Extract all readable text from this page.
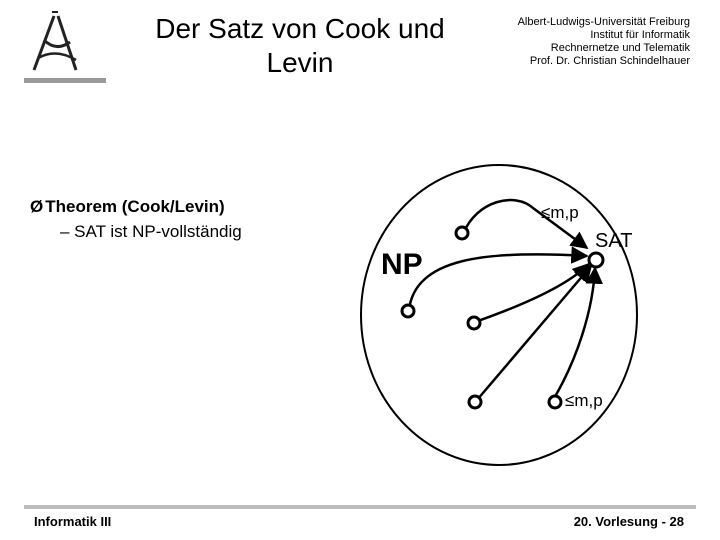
Der Satz von Cook und Levin
Albert-Ludwigs-Universität Freiburg
Institut für Informatik
Rechnernetze und Telematik
Prof. Dr. Christian Schindelhauer
Ø Theorem (Cook/Levin)
– SAT ist NP-vollständig
NP
SAT
≤m,p
≤m,p
Informatik III	20. Vorlesung - 28
